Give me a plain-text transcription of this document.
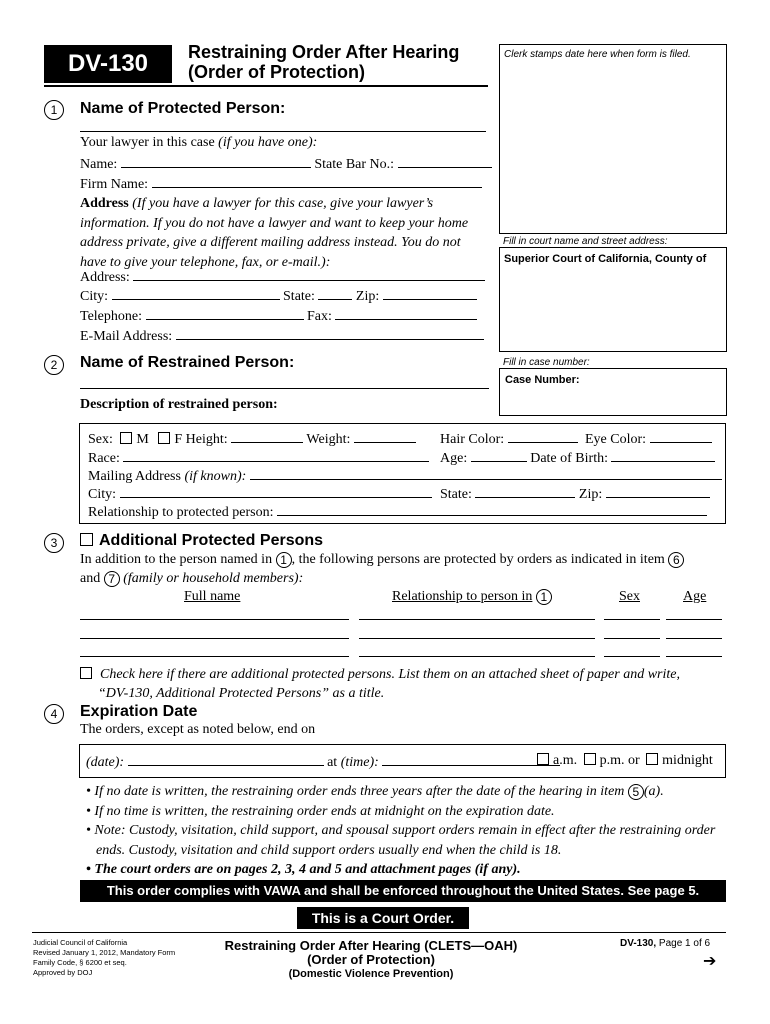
DV-130	Restraining Order After Hearing
(Order of Protection)
Clerk stamps date here when form is filed.
Fill in court name and street address:
Superior Court of California, County of
Fill in case number:
Case Number:
1	Name of Protected Person:
Your lawyer in this case (if you have one):
Name:	State Bar No.:
Firm Name:
Address (If you have a lawyer for this case, give your lawyer’s
information. If you do not have a lawyer and want to keep your home
address private, give a different mailing address instead. You do not
have to give your telephone, fax, or e-mail.):
Address:
City:	State:	Zip:
Telephone:	Fax:
E-Mail Address:
2	Name of Restrained Person:
Description of restrained person:
Sex: M F Height:	Weight:	Hair Color:	Eye Color:
Race:	Age:	Date of Birth:
Mailing Address (if known):
City:	State:	Zip:
Relationship to protected person:
3	Additional Protected Persons
In addition to the person named in 1 , the following persons are protected by orders as indicated in item 6
and 7 (family or household members):
Full name	Relationship to person in 1	Sex	Age
Check here if there are additional protected persons. List them on an attached sheet of paper and write,
“DV-130, Additional Protected Persons” as a title.
4	Expiration Date
The orders, except as noted below, end on
(date):	at (time):	a.m. p.m. or midnight
• If no date is written, the restraining order ends three years after the date of the hearing in item 5 (a).
• If no time is written, the restraining order ends at midnight on the expiration date.
• Note: Custody, visitation, child support, and spousal support orders remain in effect after the restraining order
ends. Custody, visitation and child support orders usually end when the child is 18.
• The court orders are on pages 2, 3, 4 and 5 and attachment pages (if any).
This order complies with VAWA and shall be enforced throughout the United States. See page 5.
This is a Court Order.
Judicial Council of California
Revised January 1, 2012, Mandatory Form
Family Code, § 6200 et seq.
Approved by DOJ
Restraining Order After Hearing (CLETS—OAH)
(Order of Protection)
(Domestic Violence Prevention)
DV-130, Page 1 of 6
➔
